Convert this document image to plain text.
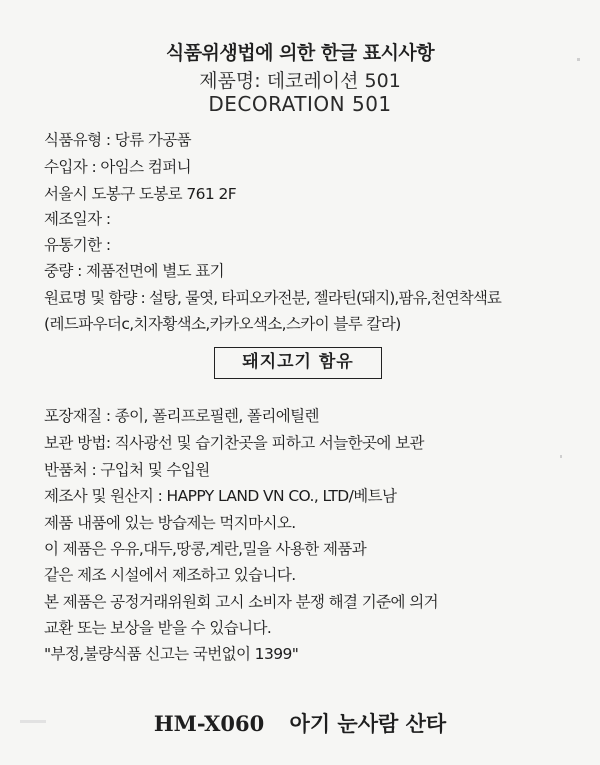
식품위생법에 의한 한글 표시사항
제품명: 데코레이션 501
DECORATION 501
식품유형 : 당류 가공품
수입자 : 아임스 컴퍼니
서울시 도봉구 도봉로 761 2F
제조일자 :
유통기한 :
중량 : 제품전면에 별도 표기
원료명 및 함량 : 설탕, 물엿, 타피오카전분, 젤라틴(돼지),팜유,천연착색료
(레드파우더c,치자황색소,카카오색소,스카이 블루 칼라)
돼지고기 함유
포장재질 : 종이, 폴리프로필렌, 폴리에틸렌
보관 방법: 직사광선 및 습기찬곳을 피하고 서늘한곳에 보관
반품처 : 구입처 및 수입원
제조사 및 원산지 : HAPPY LAND VN CO., LTD/베트남
제품 내품에 있는 방습제는 먹지마시오.
이 제품은 우유,대두,땅콩,계란,밀을 사용한 제품과
같은 제조 시설에서 제조하고 있습니다.
본 제품은 공정거래위원회 고시 소비자 분쟁 해결 기준에 의거
교환 또는 보상을 받을 수 있습니다.
"부정,불량식품 신고는 국번없이 1399"
HM-X060 아기 눈사람 산타
